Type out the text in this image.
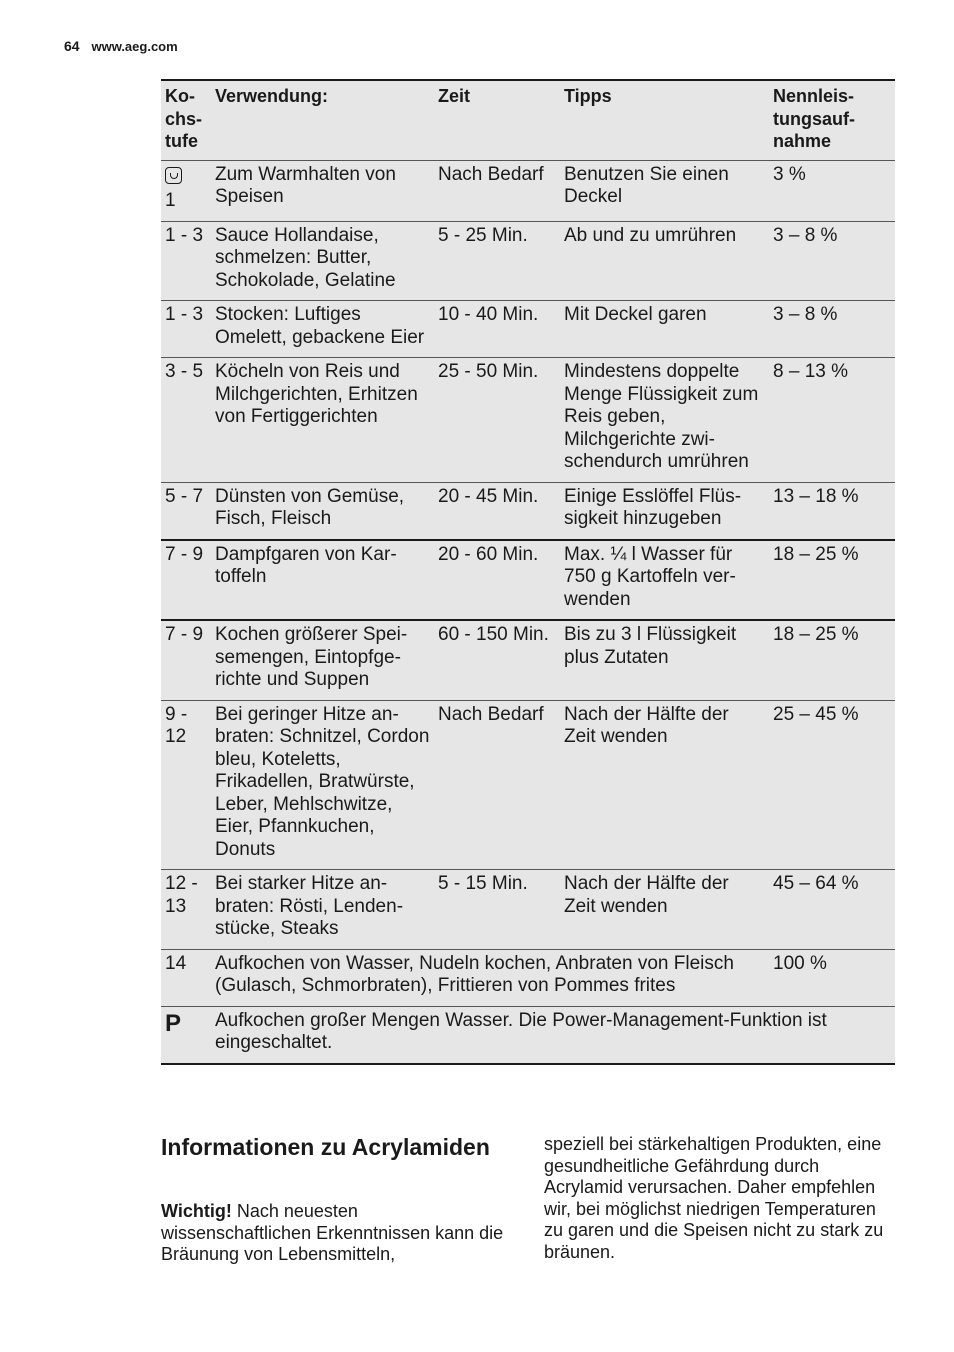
64 www.aeg.com
Kochstufe	Verwendung:	Zeit	Tipps	Nennleistungsaufnahme

1	Zum Warmhalten von Speisen	Nach Bedarf	Benutzen Sie einen Deckel	3 %
1 - 3	Sauce Hollandaise, schmelzen: Butter, Schokolade, Gelatine	5 - 25 Min.	Ab und zu umrühren	3 – 8 %
1 - 3	Stocken: Luftiges Omelett, gebackene Eier	10 - 40 Min.	Mit Deckel garen	3 – 8 %
3 - 5	Köcheln von Reis und Milchgerichten, Erhitzen von Fertiggerichten	25 - 50 Min.	Mindestens doppelte Menge Flüssigkeit zum Reis geben, Milchgerichte zwischendurch umrühren	8 – 13 %
5 - 7	Dünsten von Gemüse, Fisch, Fleisch	20 - 45 Min.	Einige Esslöffel Flüssigkeit hinzugeben	13 – 18 %
7 - 9	Dampfgaren von Kartoffeln	20 - 60 Min.	Max. ¼ l Wasser für 750 g Kartoffeln verwenden	18 – 25 %
7 - 9	Kochen größerer Speisemengen, Eintopfgerichte und Suppen	60 - 150 Min.	Bis zu 3 l Flüssigkeit plus Zutaten	18 – 25 %
9 - 12	Bei geringer Hitze anbraten: Schnitzel, Cordon bleu, Koteletts, Frikadellen, Bratwürste, Leber, Mehlschwitze, Eier, Pfannkuchen, Donuts	Nach Bedarf	Nach der Hälfte der Zeit wenden	25 – 45 %
12 - 13	Bei starker Hitze anbraten: Rösti, Lendenstücke, Steaks	5 - 15 Min.	Nach der Hälfte der Zeit wenden	45 – 64 %
14	Aufkochen von Wasser, Nudeln kochen, Anbraten von Fleisch (Gulasch, Schmorbraten), Frittieren von Pommes frites			100 %
P	Aufkochen großer Mengen Wasser. Die Power-Management-Funktion ist eingeschaltet.			
Informationen zu Acrylamiden
Wichtig! Nach neuesten wissenschaftlichen Erkenntnissen kann die Bräunung von Lebensmitteln,
speziell bei stärkehaltigen Produkten, eine gesundheitliche Gefährdung durch Acrylamid verursachen. Daher empfehlen wir, bei möglichst niedrigen Temperaturen zu garen und die Speisen nicht zu stark zu bräunen.
